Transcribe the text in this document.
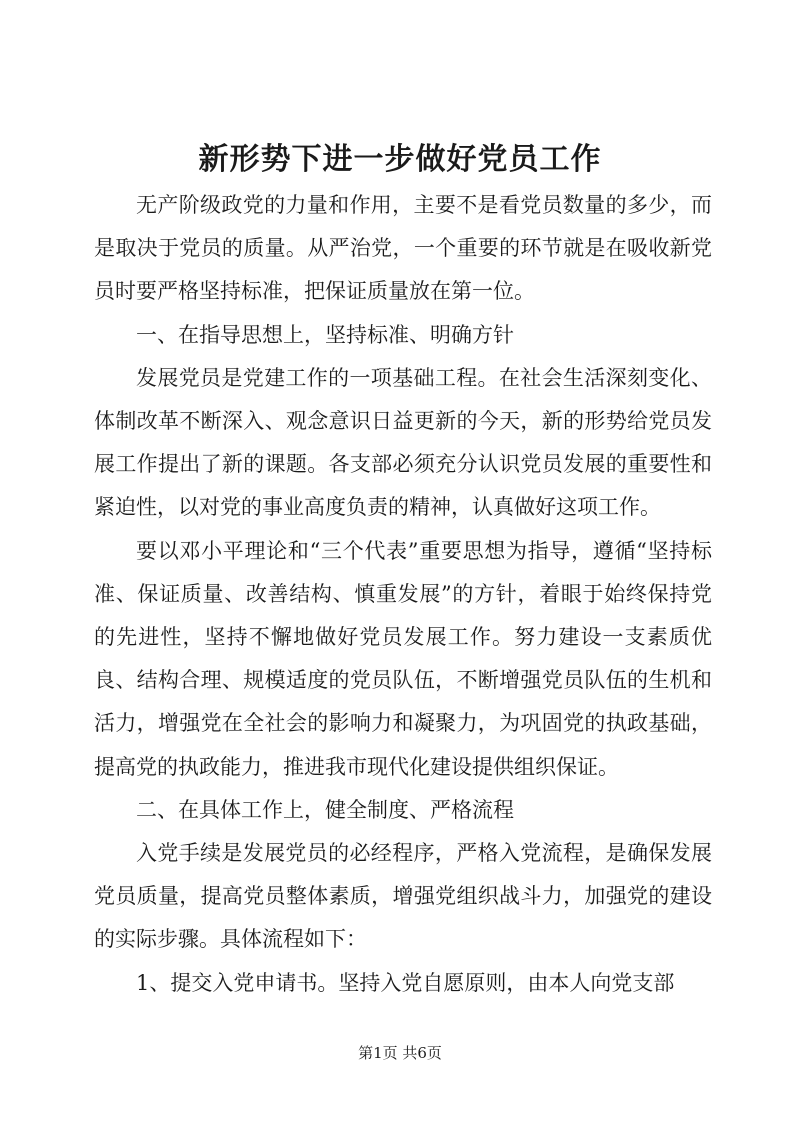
新形势下进一步做好党员工作

无产阶级政党的力量和作用，主要不是看党员数量的多少，而是取决于党员的质量。从严治党，一个重要的环节就是在吸收新党员时要严格坚持标准，把保证质量放在第一位。

一、在指导思想上，坚持标准、明确方针

发展党员是党建工作的一项基础工程。在社会生活深刻变化、体制改革不断深入、观念意识日益更新的今天，新的形势给党员发展工作提出了新的课题。各支部必须充分认识党员发展的重要性和紧迫性，以对党的事业高度负责的精神，认真做好这项工作。

要以邓小平理论和“三个代表”重要思想为指导，遵循“坚持标准、保证质量、改善结构、慎重发展”的方针，着眼于始终保持党的先进性，坚持不懈地做好党员发展工作。努力建设一支素质优良、结构合理、规模适度的党员队伍，不断增强党员队伍的生机和活力，增强党在全社会的影响力和凝聚力，为巩固党的执政基础，提高党的执政能力，推进我市现代化建设提供组织保证。

二、在具体工作上，健全制度、严格流程

入党手续是发展党员的必经程序，严格入党流程，是确保发展党员质量，提高党员整体素质，增强党组织战斗力，加强党的建设的实际步骤。具体流程如下：

1、提交入党申请书。坚持入党自愿原则，由本人向党支部

第1页 共6页
